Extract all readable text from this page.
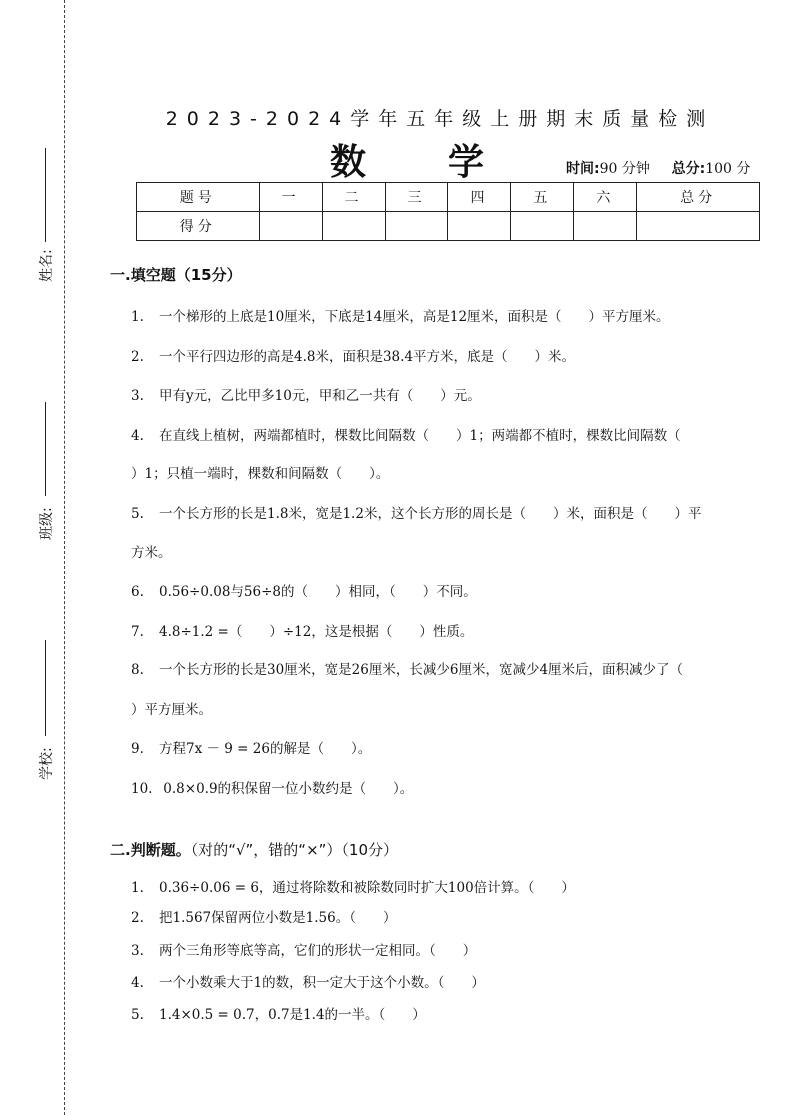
姓名:
班级:
学校:
2023-2024学年五年级上册期末质量检测
数学 时间:90 分钟 总分:100 分
题号	一	二	三	四	五	六	总分
得分							
一.填空题（15分）
1. 一个梯形的上底是10厘米，下底是14厘米，高是12厘米，面积是（　　）平方厘米。
2. 一个平行四边形的高是4.8米，面积是38.4平方米，底是（　　）米。
3. 甲有y元，乙比甲多10元，甲和乙一共有（　　）元。
4. 在直线上植树，两端都植时，棵数比间隔数（　　）1；两端都不植时，棵数比间隔数（
）1；只植一端时，棵数和间隔数（　　）。
5. 一个长方形的长是1.8米，宽是1.2米，这个长方形的周长是（　　）米，面积是（　　）平
方米。
6. 0.56÷0.08与56÷8的（　　）相同，（　　）不同。
7. 4.8÷1.2 =（　　）÷12，这是根据（　　）性质。
8. 一个长方形的长是30厘米，宽是26厘米，长减少6厘米，宽减少4厘米后，面积减少了（
）平方厘米。
9. 方程7x － 9 = 26的解是（　　）。
10. 0.8×0.9的积保留一位小数约是（　　）。
二.判断题。（对的“√”，错的“×”）（10分）
1. 0.36÷0.06 = 6，通过将除数和被除数同时扩大100倍计算。（　　）
2. 把1.567保留两位小数是1.56。（　　）
3. 两个三角形等底等高，它们的形状一定相同。（　　）
4. 一个小数乘大于1的数，积一定大于这个小数。（　　）
5. 1.4×0.5 = 0.7，0.7是1.4的一半。（　　）
